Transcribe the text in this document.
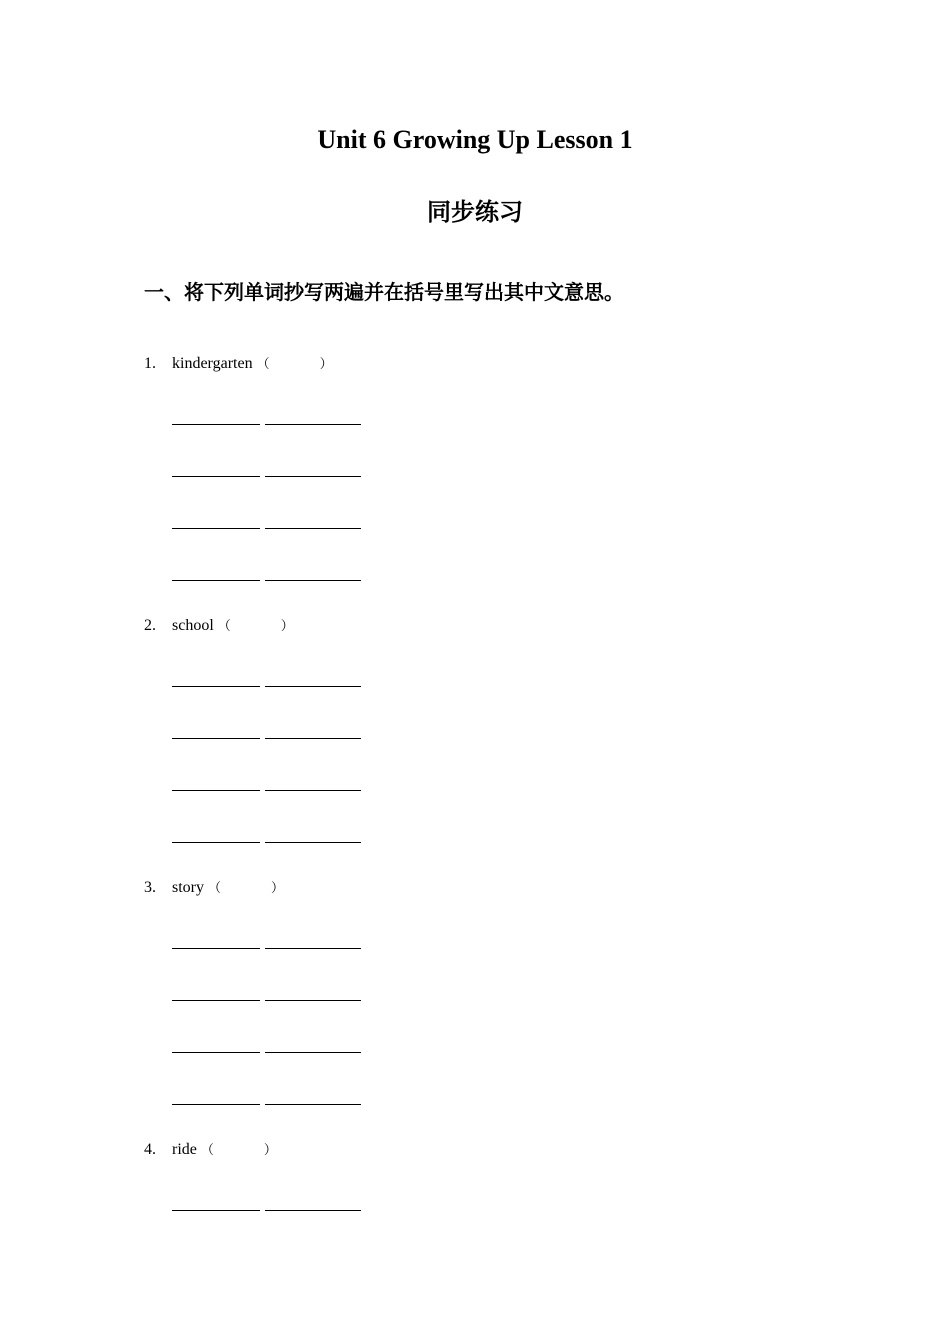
Unit 6 Growing Up Lesson 1
同步练习
一、将下列单词抄写两遍并在括号里写出其中文意思。
1. kindergarten （	）
2. school （	）
3. story （	）
4. ride （	）
